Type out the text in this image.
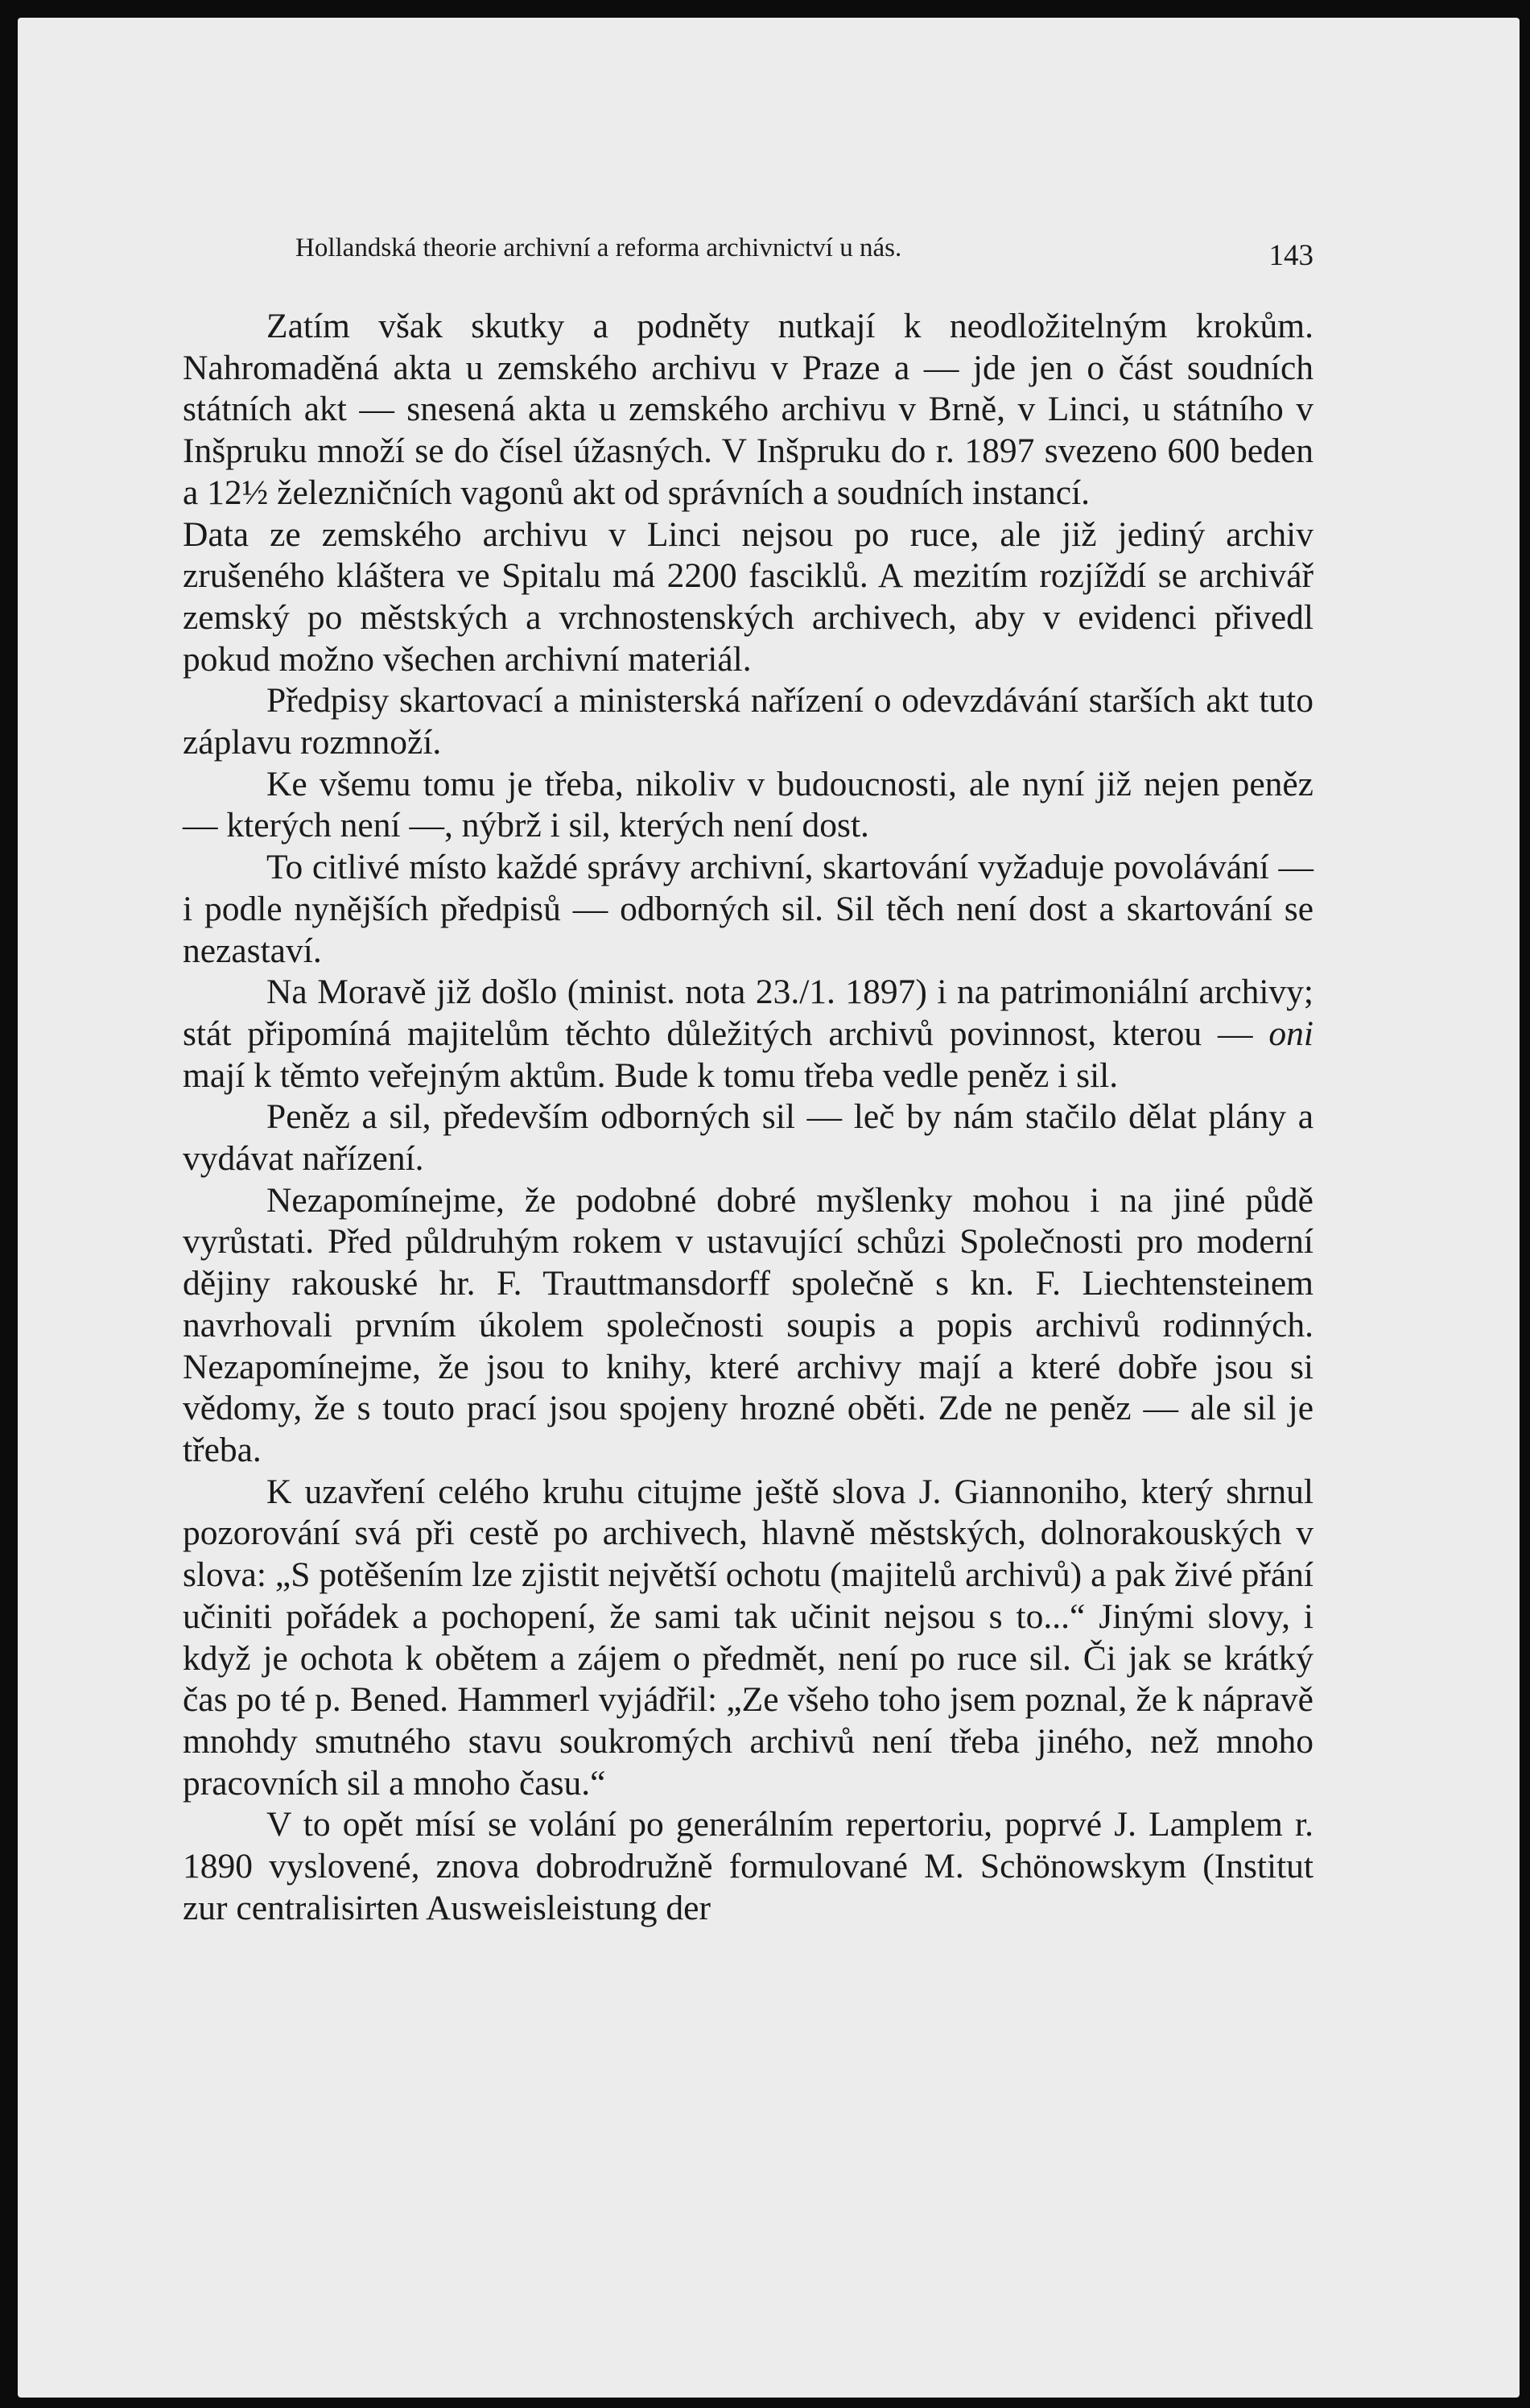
Hollandská theorie archivní a reforma archivnictví u nás.	143

Zatím však skutky a podněty nutkají k neodložitelným krokům. Nahromaděná akta u zemského archivu v Praze a — jde jen o část soudních státních akt — snesená akta u zemského archivu v Brně, v Linci, u státního v Inšpruku množí se do čísel úžasných. V Inšpruku do r. 1897 svezeno 600 beden a 12½ železničních vagonů akt od správních a soudních instancí.

Data ze zemského archivu v Linci nejsou po ruce, ale již jediný archiv zrušeného kláštera ve Spitalu má 2200 fasciklů. A mezitím rozjíždí se archivář zemský po městských a vrchnostenských archivech, aby v evidenci přivedl pokud možno všechen archivní materiál.

Předpisy skartovací a ministerská nařízení o odevzdávání starších akt tuto záplavu rozmnoží.

Ke všemu tomu je třeba, nikoliv v budoucnosti, ale nyní již nejen peněz — kterých není —, nýbrž i sil, kterých není dost.

To citlivé místo každé správy archivní, skartování vyžaduje povolávání — i podle nynějších předpisů — odborných sil. Sil těch není dost a skartování se nezastaví.

Na Moravě již došlo (minist. nota 23./1. 1897) i na patrimoniální archivy; stát připomíná majitelům těchto důležitých archivů povinnost, kterou — oni mají k těmto veřejným aktům. Bude k tomu třeba vedle peněz i sil.

Peněz a sil, především odborných sil — leč by nám stačilo dělat plány a vydávat nařízení.

Nezapomínejme, že podobné dobré myšlenky mohou i na jiné půdě vyrůstati. Před půldruhým rokem v ustavující schůzi Společnosti pro moderní dějiny rakouské hr. F. Trauttmansdorff společně s kn. F. Liechtensteinem navrhovali prvním úkolem společnosti soupis a popis archivů rodinných. Nezapomínejme, že jsou to knihy, které archivy mají a které dobře jsou si vědomy, že s touto prací jsou spojeny hrozné oběti. Zde ne peněz — ale sil je třeba.

K uzavření celého kruhu citujme ještě slova J. Giannoniho, který shrnul pozorování svá při cestě po archivech, hlavně městských, dolnorakouských v slova: „S potěšením lze zjistit největší ochotu (majitelů archivů) a pak živé přání učiniti pořádek a pochopení, že sami tak učinit nejsou s to...“ Jinými slovy, i když je ochota k obětem a zájem o předmět, není po ruce sil. Či jak se krátký čas po té p. Bened. Hammerl vyjádřil: „Ze všeho toho jsem poznal, že k nápravě mnohdy smutného stavu soukromých archivů není třeba jiného, než mnoho pracovních sil a mnoho času.“

V to opět mísí se volání po generálním repertoriu, poprvé J. Lamplem r. 1890 vyslovené, znova dobrodružně formulované M. Schönowskym (Institut zur centralisirten Ausweisleistung der
